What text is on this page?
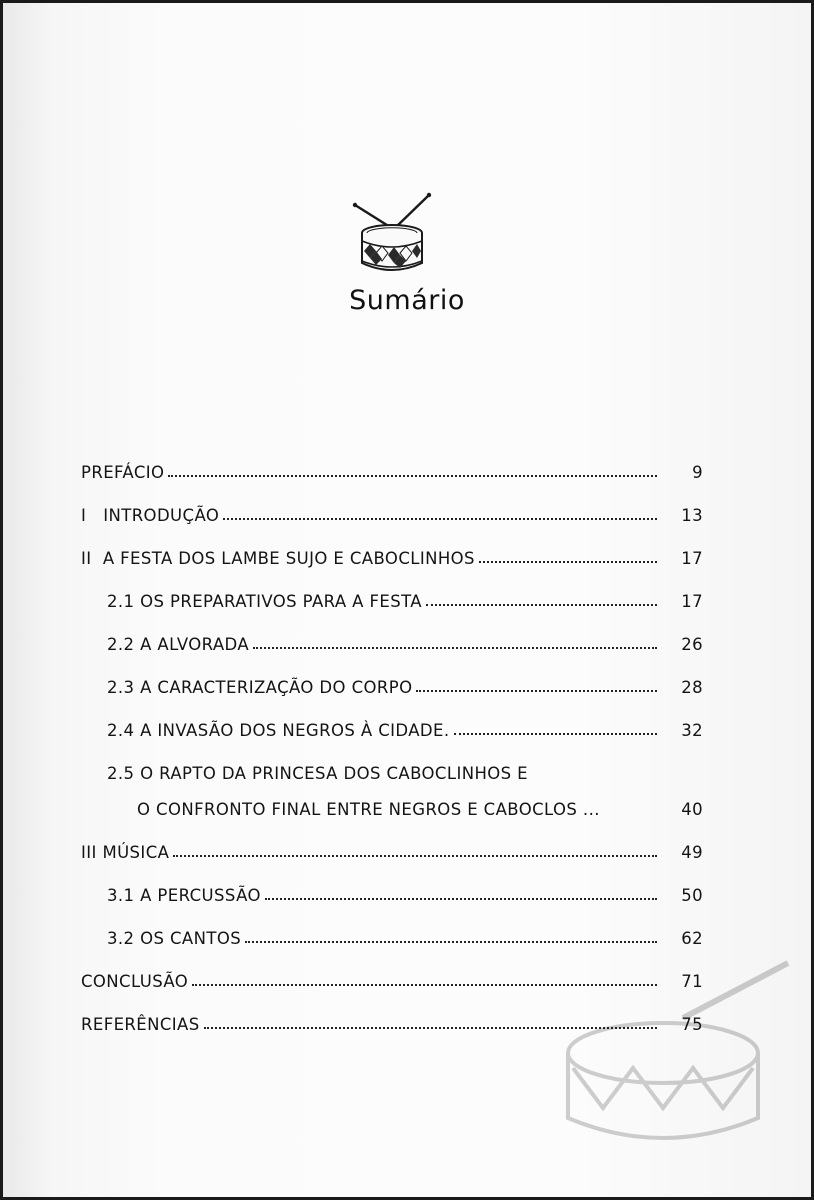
Sumário
PREFÁCIO	9
I   INTRODUÇÃO	13
II  A FESTA DOS LAMBE SUJO E CABOCLINHOS	17
2.1 OS PREPARATIVOS PARA A FESTA	17
2.2 A ALVORADA	26
2.3 A CARACTERIZAÇÃO DO CORPO	28
2.4 A INVASÃO DOS NEGROS À CIDADE.	32
2.5 O RAPTO DA PRINCESA DOS CABOCLINHOS E
O CONFRONTO FINAL ENTRE NEGROS E CABOCLOS ...	40
III MÚSICA	49
3.1 A PERCUSSÃO	50
3.2 OS CANTOS	62
CONCLUSÃO	71
REFERÊNCIAS	75
